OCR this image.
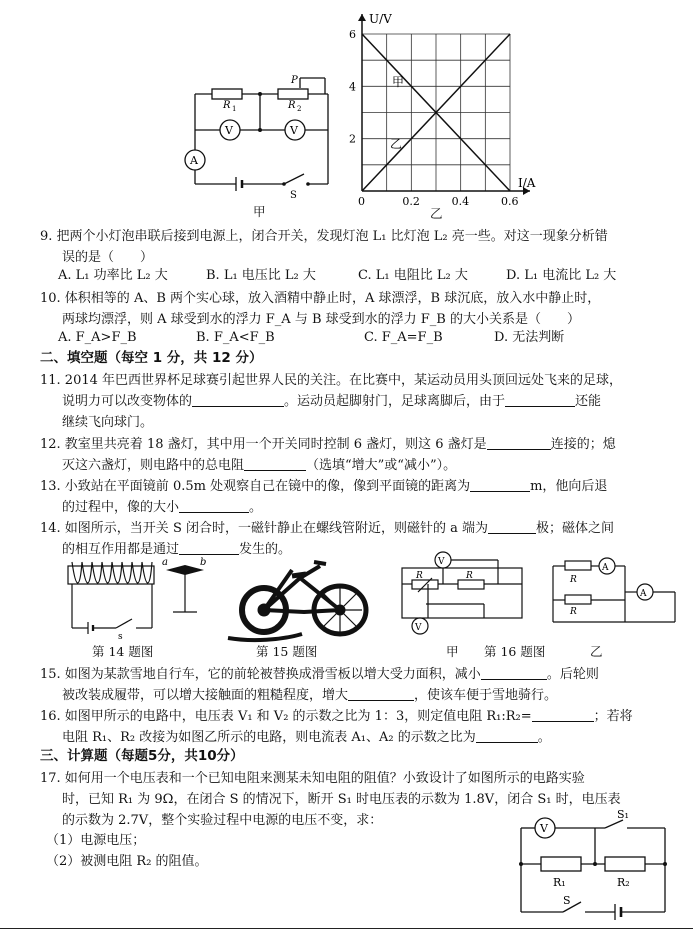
R 1	R 2
P
V	V
A
S
甲
U/V
I/A
0	0.2	0.4	0.6
2
4
6
甲
乙
乙

9. 把两个小灯泡串联后接到电源上，闭合开关，发现灯泡 L₁ 比灯泡 L₂ 亮一些。对这一现象分析错

误的是（　　）

A. L₁ 功率比 L₂ 大	B. L₁ 电压比 L₂ 大	C. L₁ 电阻比 L₂ 大	D. L₁ 电流比 L₂ 大

10. 体积相等的 A、B 两个实心球，放入酒精中静止时，A 球漂浮，B 球沉底，放入水中静止时，

两球均漂浮，则 A 球受到水的浮力 F_A 与 B 球受到水的浮力 F_B 的大小关系是（　　）

A. F_A>F_B	B. F_A<F_B	C. F_A=F_B	D. 无法判断
二、填空题（每空 1 分，共 12 分）

11. 2014 年巴西世界杯足球赛引起世界人民的关注。在比赛中，某运动员用头顶回远处飞来的足球，

说明力可以改变物体的	。运动员起脚射门，足球离脚后，由于	还能

继续飞向球门。

12. 教室里共亮着 18 盏灯，其中用一个开关同时控制 6 盏灯，则这 6 盏灯是	连接的；熄

灭这六盏灯，则电路中的总电阻	（选填“增大”或“减小”）。

13. 小致站在平面镜前 0.5m 处观察自己在镜中的像，像到平面镜的距离为	m，他向后退

的过程中，像的大小	。

14. 如图所示，当开关 S 闭合时，一磁针静止在螺线管附近，则磁针的 a 端为	极；磁体之间

的相互作用都是通过	发生的。

a	b
s
第 14 题图	第 15 题图
R	R
V
V
甲 第 16 题图
R
R
A
A
乙

15. 如图为某款雪地自行车，它的前轮被替换成滑雪板以增大受力面积，减小	。后轮则

被改装成履带，可以增大接触面的粗糙程度，增大	，使该车便于雪地骑行。

16. 如图甲所示的电路中，电压表 V₁ 和 V₂ 的示数之比为 1：3，则定值电阻 R₁:R₂=	；若将

电阻 R₁、R₂ 改接为如图乙所示的电路，则电流表 A₁、A₂ 的示数之比为	。

三、计算题（每题5分，共10分）

17. 如何用一个电压表和一个已知电阻来测某未知电阻的阻值？小致设计了如图所示的电路实验

时，已知 R₁ 为 9Ω，在闭合 S 的情况下，断开 S₁ 时电压表的示数为 1.8V，闭合 S₁ 时，电压表

的示数为 2.7V，整个实验过程中电源的电压不变，求：

（1）电源电压；

（2）被测电阻 R₂ 的阻值。

V
S₁
R₁	R₂
S
